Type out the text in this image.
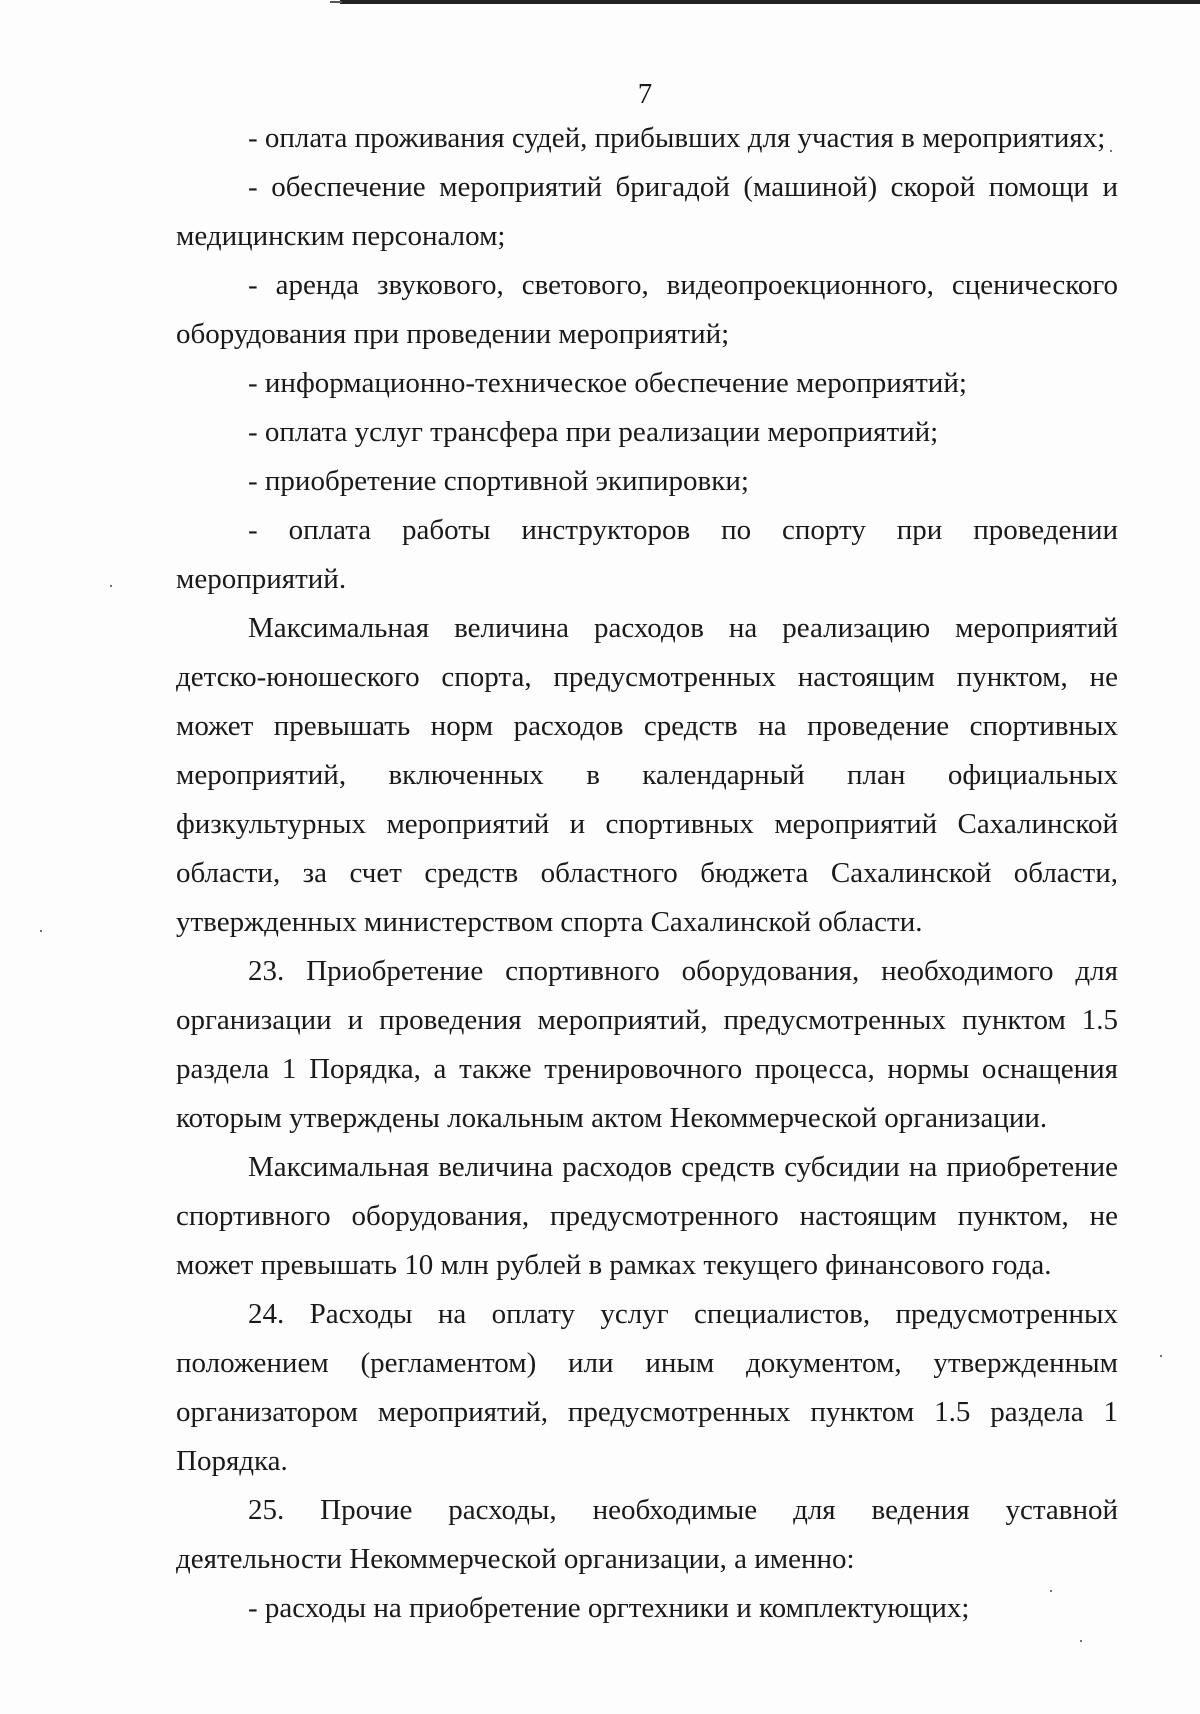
7

- оплата проживания судей, прибывших для участия в мероприятиях;

- обеспечение мероприятий бригадой (машиной) скорой помощи и медицинским персоналом;

- аренда звукового, светового, видеопроекционного, сценического оборудования при проведении мероприятий;

- информационно-техническое обеспечение мероприятий;

- оплата услуг трансфера при реализации мероприятий;

- приобретение спортивной экипировки;

- оплата работы инструкторов по спорту при проведении мероприятий.

Максимальная величина расходов на реализацию мероприятий детско-юношеского спорта, предусмотренных настоящим пунктом, не может превышать норм расходов средств на проведение спортивных мероприятий, включенных в календарный план официальных физкультурных мероприятий и спортивных мероприятий Сахалинской области, за счет средств областного бюджета Сахалинской области, утвержденных министерством спорта Сахалинской области.

23. Приобретение спортивного оборудования, необходимого для организации и проведения мероприятий, предусмотренных пунктом 1.5 раздела 1 Порядка, а также тренировочного процесса, нормы оснащения которым утверждены локальным актом Некоммерческой организации.

Максимальная величина расходов средств субсидии на приобретение спортивного оборудования, предусмотренного настоящим пунктом, не может превышать 10 млн рублей в рамках текущего финансового года.

24. Расходы на оплату услуг специалистов, предусмотренных положением (регламентом) или иным документом, утвержденным организатором мероприятий, предусмотренных пунктом 1.5 раздела 1 Порядка.

25. Прочие расходы, необходимые для ведения уставной деятельности Некоммерческой организации, а именно:

- расходы на приобретение оргтехники и комплектующих;
